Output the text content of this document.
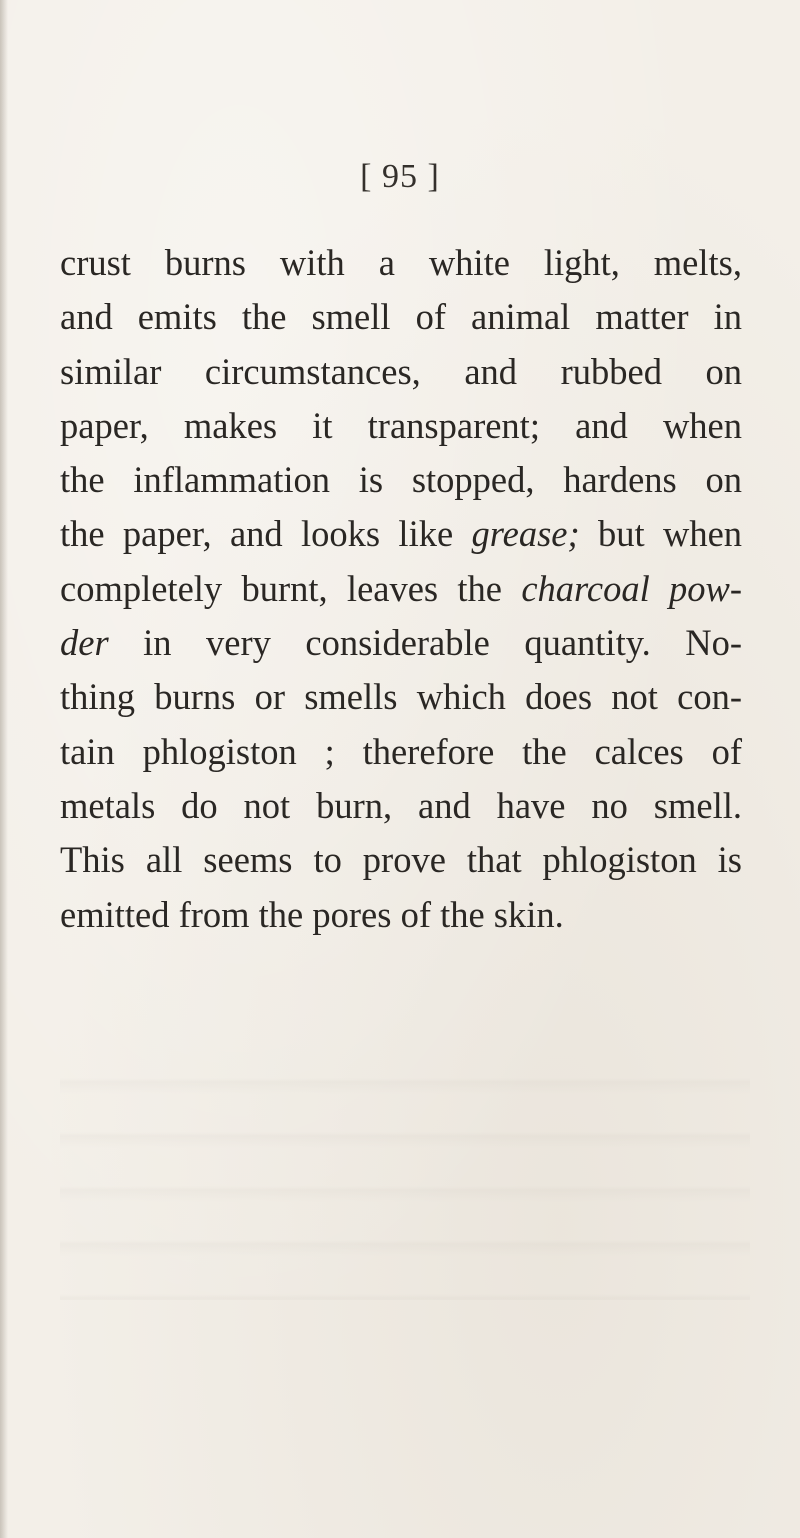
[ 95 ]

crust burns with a white light, melts,
and emits the smell of animal matter in
similar circumstances, and rubbed on
paper, makes it transparent; and when
the inflammation is stopped, hardens on
the paper, and looks like grease; but when
completely burnt, leaves the charcoal pow-
der in very considerable quantity. No-
thing burns or smells which does not con-
tain phlogiston ; therefore the calces of
metals do not burn, and have no smell.
This all seems to prove that phlogiston is
emitted from the pores of the skin.
